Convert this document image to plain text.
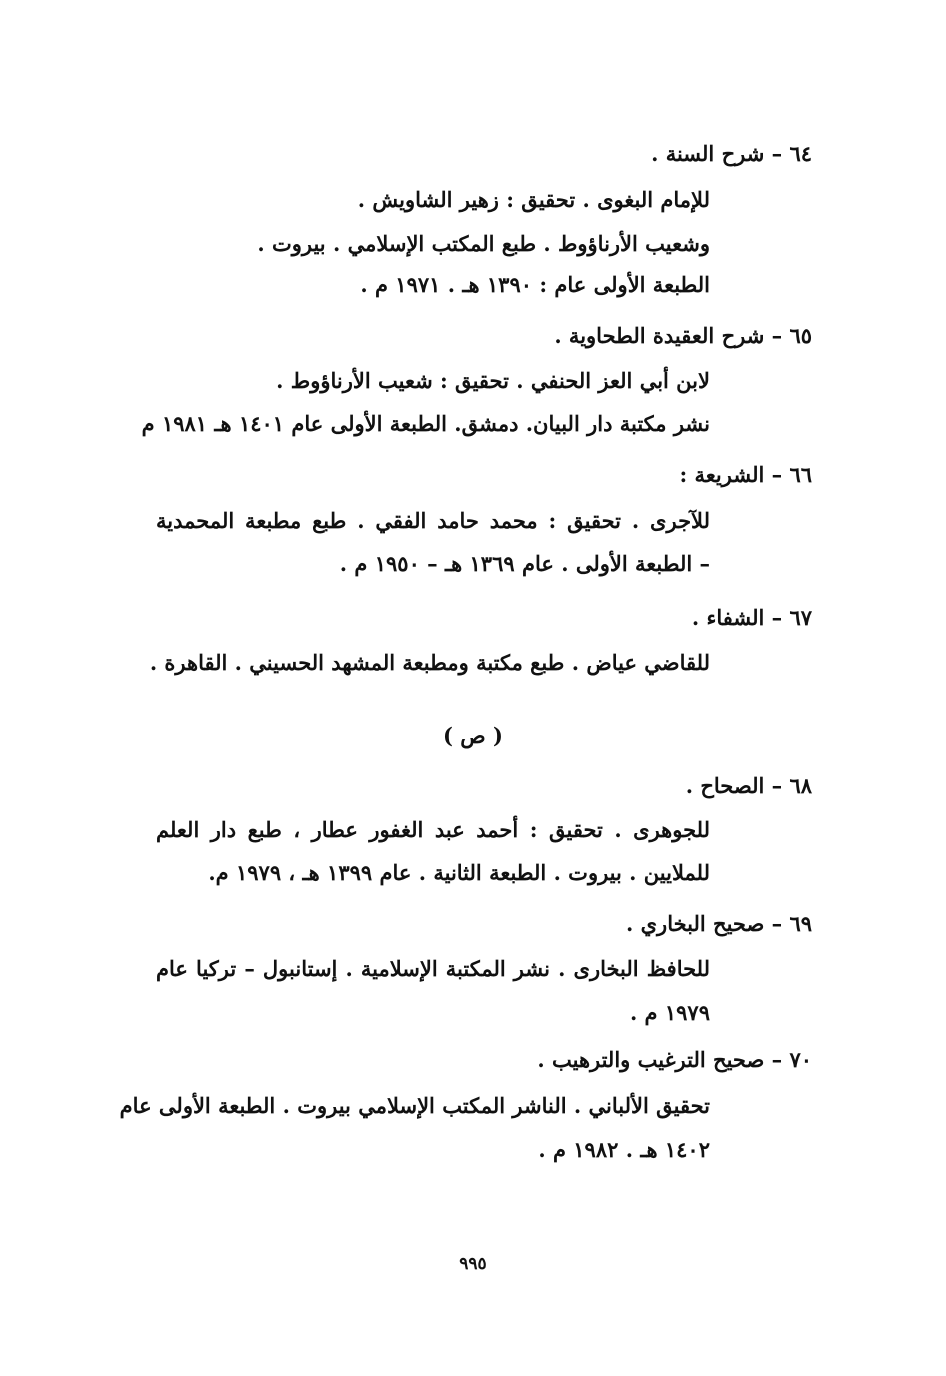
٦٤ – شرح السنة .
للإمام البغوى . تحقيق : زهير الشاويش .
وشعيب الأرناؤوط . طبع المكتب الإسلامي . بيروت .
الطبعة الأولى عام : ١٣٩٠ هـ . ١٩٧١ م .
٦٥ – شرح العقيدة الطحاوية .
لابن أبي العز الحنفي . تحقيق : شعيب الأرناؤوط .
نشر مكتبة دار البيان. دمشق. الطبعة الأولى عام ١٤٠١ هـ ١٩٨١ م
٦٦ – الشريعة :
للآجرى . تحقيق : محمد حامد الفقي . طبع مطبعة المحمدية
– الطبعة الأولى . عام ١٣٦٩ هـ – ١٩٥٠ م .
٦٧ – الشفاء .
للقاضي عياض . طبع مكتبة ومطبعة المشهد الحسيني . القاهرة .
( ص )
٦٨ – الصحاح .
للجوهرى . تحقيق : أحمد عبد الغفور عطار ، طبع دار العلم
للملايين . بيروت . الطبعة الثانية . عام ١٣٩٩ هـ ، ١٩٧٩ م.
٦٩ – صحيح البخاري .
للحافظ البخارى . نشر المكتبة الإسلامية . إستانبول – تركيا عام
١٩٧٩ م .
٧٠ – صحيح الترغيب والترهيب .
تحقيق الألباني . الناشر المكتب الإسلامي بيروت . الطبعة الأولى عام
١٤٠٢ هـ . ١٩٨٢ م .
٩٩٥
